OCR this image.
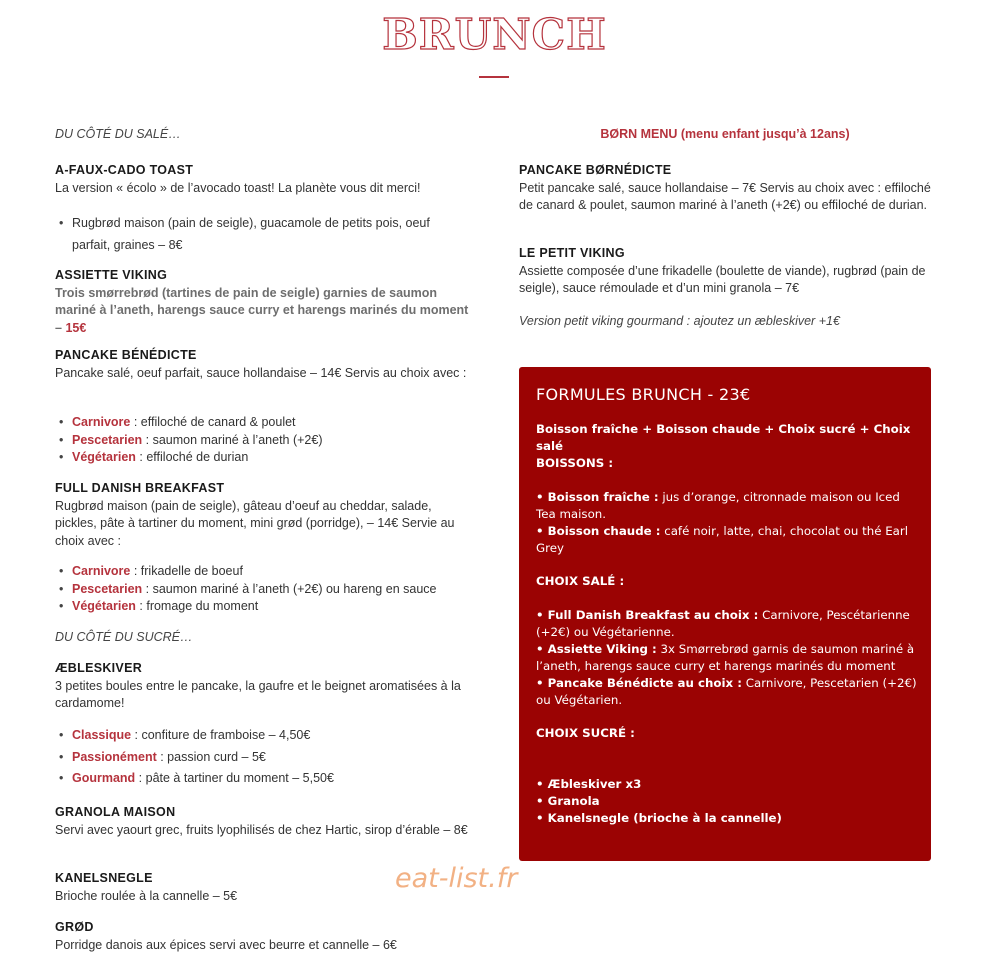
BRUNCH
DU CÔTÉ DU SALÉ…
A-FAUX-CADO TOAST
La version « écolo » de l’avocado toast! La planète vous dit merci!
• Rugbrød maison (pain de seigle), guacamole de petits pois, oeuf parfait, graines – 8€
ASSIETTE VIKING
Trois smørrebrød (tartines de pain de seigle) garnies de saumon mariné à l’aneth, harengs sauce curry et harengs marinés du moment – 15€
PANCAKE BÉNÉDICTE
Pancake salé, oeuf parfait, sauce hollandaise – 14€ Servis au choix avec :
• Carnivore : effiloché de canard & poulet
• Pescetarien : saumon mariné à l’aneth (+2€)
• Végétarien : effiloché de durian
FULL DANISH BREAKFAST
Rugbrød maison (pain de seigle), gâteau d’oeuf au cheddar, salade, pickles, pâte à tartiner du moment, mini grød (porridge), – 14€ Servie au choix avec :
• Carnivore : frikadelle de boeuf
• Pescetarien : saumon mariné à l’aneth (+2€) ou hareng en sauce
• Végétarien : fromage du moment
DU CÔTÉ DU SUCRÉ…
ÆBLESKIVER
3 petites boules entre le pancake, la gaufre et le beignet aromatisées à la cardamome!
• Classique : confiture de framboise – 4,50€
• Passionément : passion curd – 5€
• Gourmand : pâte à tartiner du moment – 5,50€
GRANOLA MAISON
Servi avec yaourt grec, fruits lyophilisés de chez Hartic, sirop d’érable – 8€
KANELSNEGLE
Brioche roulée à la cannelle – 5€
GRØD
Porridge danois aux épices servi avec beurre et cannelle – 6€
BØRN MENU (menu enfant jusqu’à 12ans)
PANCAKE BØRNÉDICTE
Petit pancake salé, sauce hollandaise – 7€ Servis au choix avec : effiloché de canard & poulet, saumon mariné à l’aneth (+2€) ou effiloché de durian.
LE PETIT VIKING
Assiette composée d’une frikadelle (boulette de viande), rugbrød (pain de seigle), sauce rémoulade et d’un mini granola – 7€
Version petit viking gourmand : ajoutez un æbleskiver +1€
FORMULES BRUNCH - 23€
Boisson fraîche + Boisson chaude + Choix sucré + Choix salé
BOISSONS :
• Boisson fraîche : jus d’orange, citronnade maison ou Iced Tea maison.
• Boisson chaude : café noir, latte, chai, chocolat ou thé Earl Grey
CHOIX SALÉ :
• Full Danish Breakfast au choix : Carnivore, Pescétarienne (+2€) ou Végétarienne.
• Assiette Viking : 3x Smørrebrød garnis de saumon mariné à l’aneth, harengs sauce curry et harengs marinés du moment
• Pancake Bénédicte au choix : Carnivore, Pescetarien (+2€) ou Végétarien.
CHOIX SUCRÉ :
• Æbleskiver x3
• Granola
• Kanelsnegle (brioche à la cannelle)
eat-list.fr
